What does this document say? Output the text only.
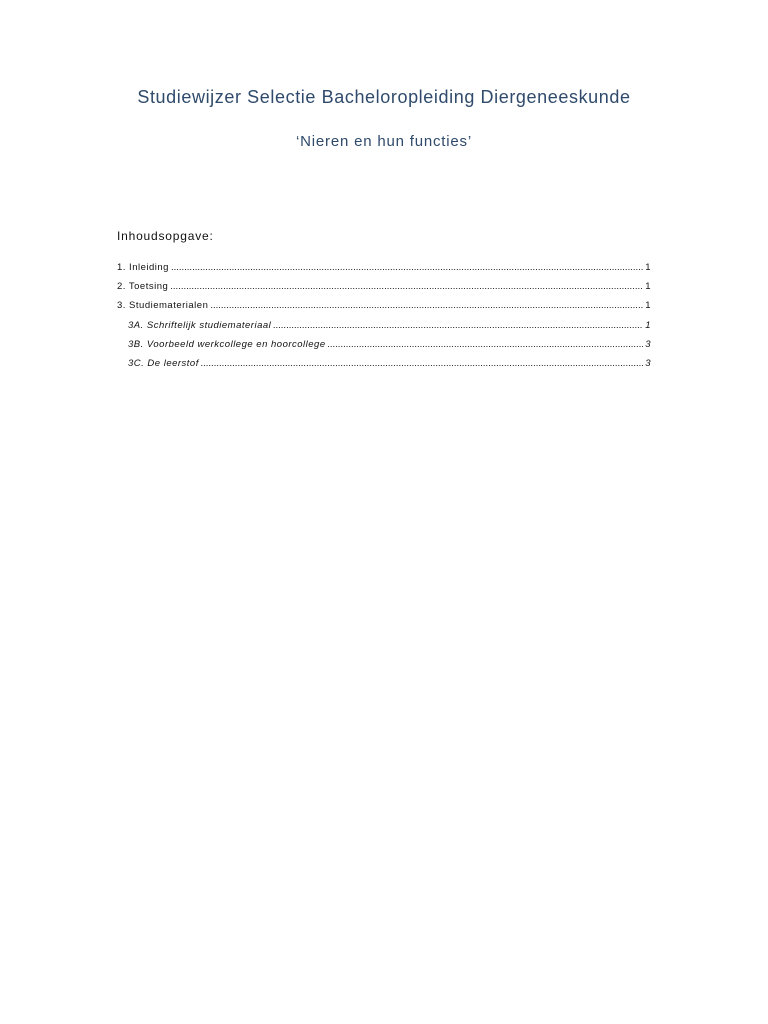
Studiewijzer Selectie Bacheloropleiding Diergeneeskunde
‘Nieren en hun functies’
Inhoudsopgave:
1. Inleiding .....	1
2. Toetsing .....	1
3. Studiematerialen .....	1
3A. Schriftelijk studiemateriaal .....	1
3B. Voorbeeld werkcollege en hoorcollege .....	3
3C. De leerstof .....	3
